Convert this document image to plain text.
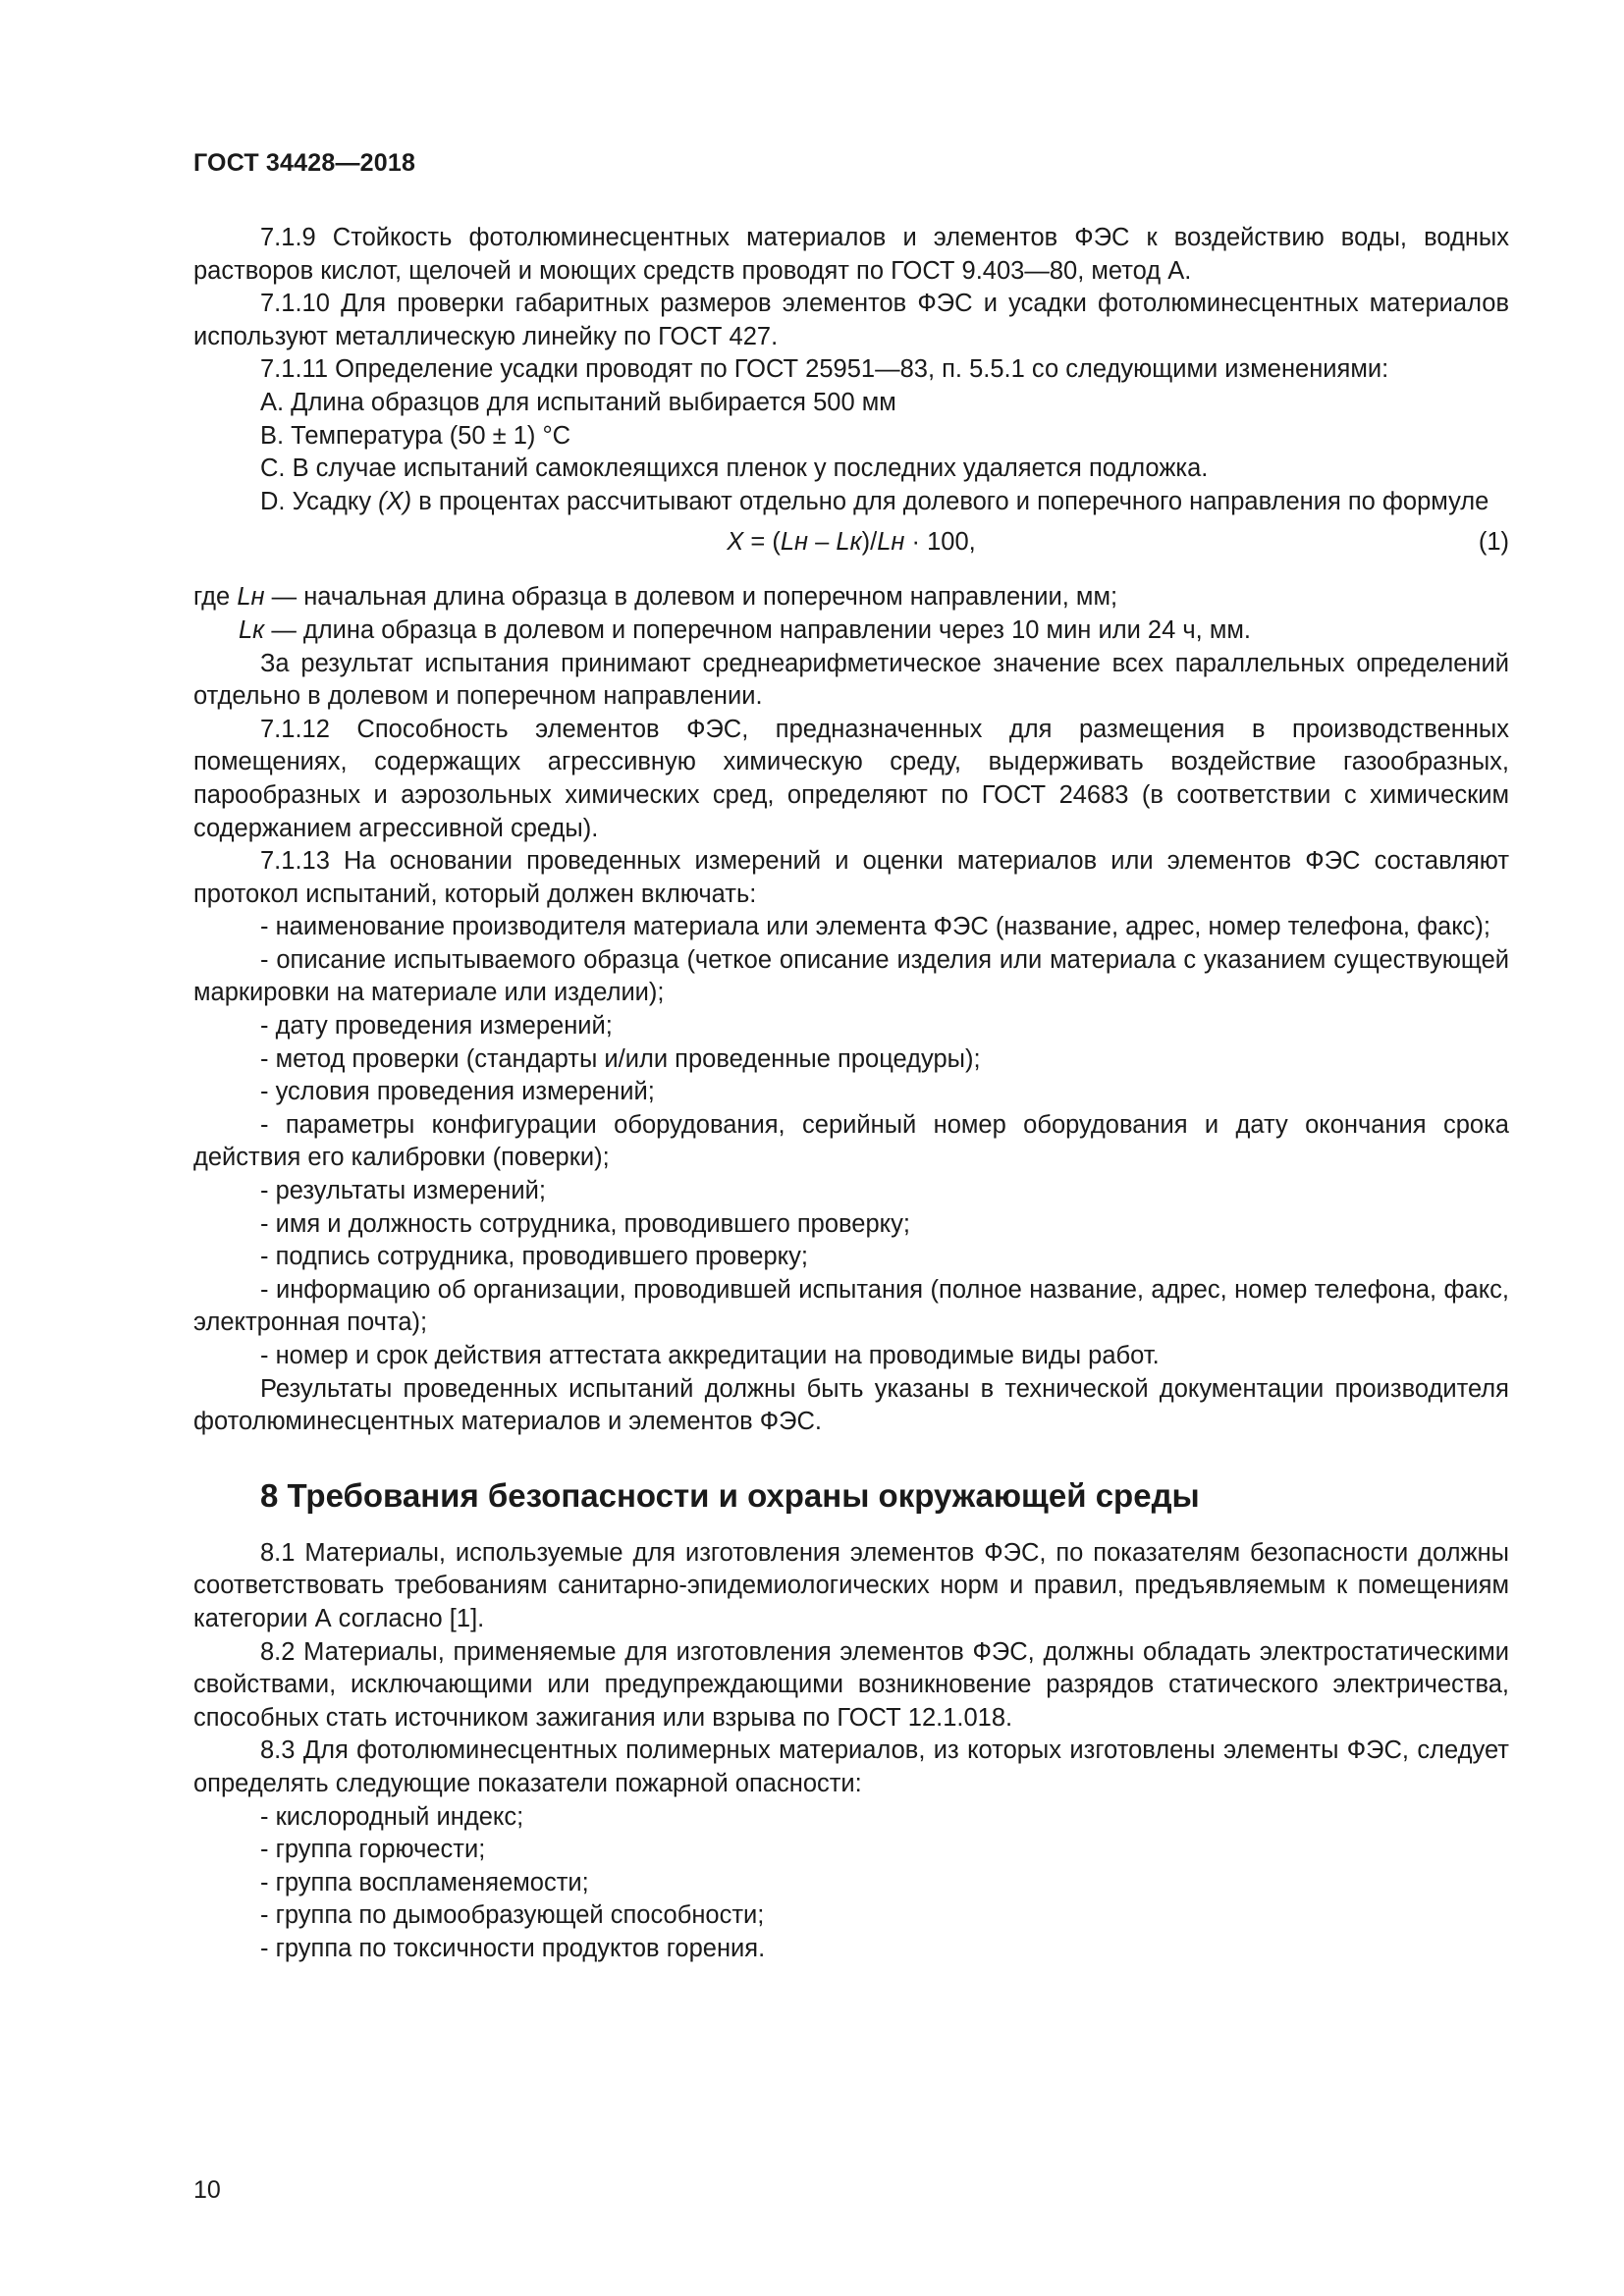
ГОСТ 34428—2018

7.1.9 Стойкость фотолюминесцентных материалов и элементов ФЭС к воздействию воды, водных растворов кислот, щелочей и моющих средств проводят по ГОСТ 9.403—80, метод А.

7.1.10 Для проверки габаритных размеров элементов ФЭС и усадки фотолюминесцентных материалов используют металлическую линейку по ГОСТ 427.

7.1.11 Определение усадки проводят по ГОСТ 25951—83, п. 5.5.1 со следующими изменениями:

A. Длина образцов для испытаний выбирается 500 мм

B. Температура (50 ± 1) °С

C. В случае испытаний самоклеящихся пленок у последних удаляется подложка.

D. Усадку (X) в процентах рассчитывают отдельно для долевого и поперечного направления по формуле

X = (Lн – Lк)/Lн · 100,	(1)

где Lн — начальная длина образца в долевом и поперечном направлении, мм;

Lк — длина образца в долевом и поперечном направлении через 10 мин или 24 ч, мм.

За результат испытания принимают среднеарифметическое значение всех параллельных определений отдельно в долевом и поперечном направлении.

7.1.12 Способность элементов ФЭС, предназначенных для размещения в производственных помещениях, содержащих агрессивную химическую среду, выдерживать воздействие газообразных, парообразных и аэрозольных химических сред, определяют по ГОСТ 24683 (в соответствии с химическим содержанием агрессивной среды).

7.1.13 На основании проведенных измерений и оценки материалов или элементов ФЭС составляют протокол испытаний, который должен включать:

- наименование производителя материала или элемента ФЭС (название, адрес, номер телефона, факс);

- описание испытываемого образца (четкое описание изделия или материала с указанием существующей маркировки на материале или изделии);

- дату проведения измерений;

- метод проверки (стандарты и/или проведенные процедуры);

- условия проведения измерений;

- параметры конфигурации оборудования, серийный номер оборудования и дату окончания срока действия его калибровки (поверки);

- результаты измерений;

- имя и должность сотрудника, проводившего проверку;

- подпись сотрудника, проводившего проверку;

- информацию об организации, проводившей испытания (полное название, адрес, номер телефона, факс, электронная почта);

- номер и срок действия аттестата аккредитации на проводимые виды работ.

Результаты проведенных испытаний должны быть указаны в технической документации производителя фотолюминесцентных материалов и элементов ФЭС.

8 Требования безопасности и охраны окружающей среды

8.1 Материалы, используемые для изготовления элементов ФЭС, по показателям безопасности должны соответствовать требованиям санитарно-эпидемиологических норм и правил, предъявляемым к помещениям категории А согласно [1].

8.2 Материалы, применяемые для изготовления элементов ФЭС, должны обладать электростатическими свойствами, исключающими или предупреждающими возникновение разрядов статического электричества, способных стать источником зажигания или взрыва по ГОСТ 12.1.018.

8.3 Для фотолюминесцентных полимерных материалов, из которых изготовлены элементы ФЭС, следует определять следующие показатели пожарной опасности:

- кислородный индекс;

- группа горючести;

- группа воспламеняемости;

- группа по дымообразующей способности;

- группа по токсичности продуктов горения.

10
